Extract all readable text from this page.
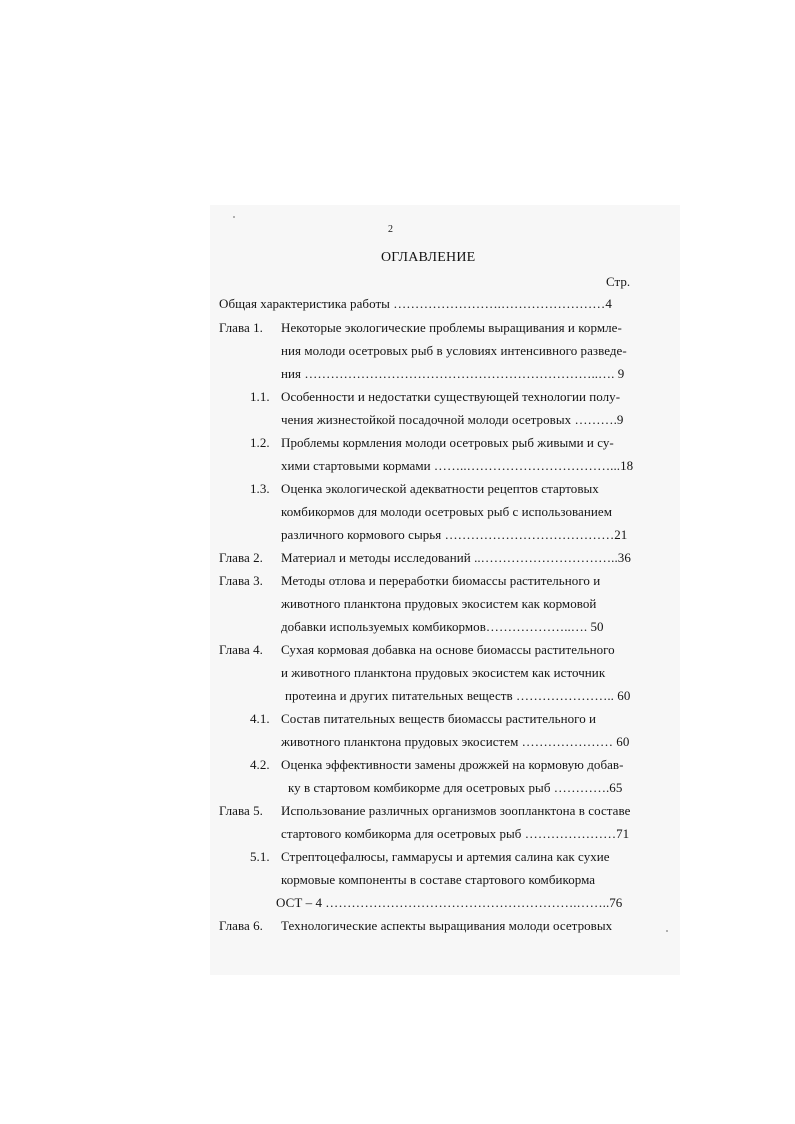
2
ОГЛАВЛЕНИЕ
Стр.
Общая характеристика работы …………………….……………………4
Глава 1. Некоторые экологические проблемы выращивания и кормле-
ния молоди осетровых рыб в условиях интенсивного разведе-
ния …………………………………………………………..…. 9
1.1. Особенности и недостатки существующей технологии полу-
чения жизнестойкой посадочной молоди осетровых ……….9
1.2. Проблемы кормления молоди осетровых рыб живыми и су-
хими стартовыми кормами ……..……………………………...18
1.3. Оценка экологической адекватности рецептов стартовых
комбикормов для молоди осетровых рыб с использованием
различного кормового сырья …………………………………21
Глава 2. Материал и методы исследований ..…………………………..36
Глава 3. Методы отлова и переработки биомассы растительного и
животного планктона прудовых экосистем как кормовой
добавки используемых комбикормов………………..…. 50
Глава 4. Сухая кормовая добавка на основе биомассы растительного
и животного планктона прудовых экосистем как источник
протеина и других питательных веществ ………………….. 60
4.1. Состав питательных веществ биомассы растительного и
животного планктона прудовых экосистем ………………… 60
4.2. Оценка эффективности замены дрожжей на кормовую добав-
ку в стартовом комбикорме для осетровых рыб ………….65
Глава 5. Использование различных организмов зоопланктона в составе
стартового комбикорма для осетровых рыб …………………71
5.1. Стрептоцефалюсы, гаммарусы и артемия салина как сухие
кормовые компоненты в составе стартового комбикорма
ОСТ – 4 ………………………………………………….……..76
Глава 6. Технологические аспекты выращивания молоди осетровых
